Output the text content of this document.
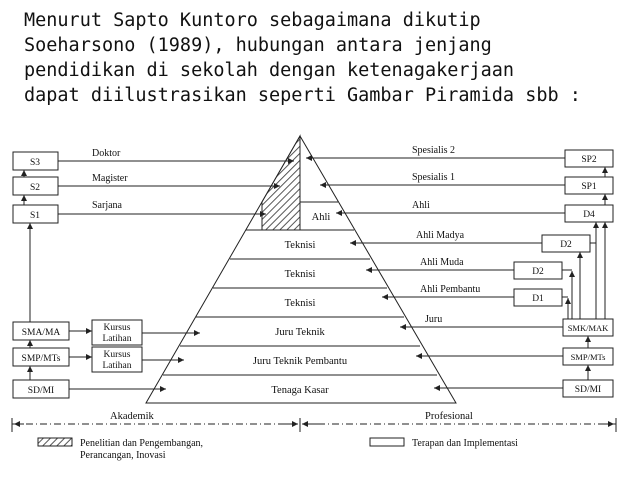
Menurut Sapto Kuntoro sebagaimana dikutip
Soeharsono (1989), hubungan antara jenjang
pendidikan di sekolah dengan ketenagakerjaan
dapat diilustrasikan seperti Gambar Piramida sbb :
Ahli
Teknisi
Teknisi
Teknisi
Juru Teknik
Juru Teknik Pembantu
Tenaga Kasar
S3
S2
S1
SMA/MA
SMP/MTs
SD/MI
Kursus
Latihan
Kursus
Latihan
Doktor
Magister
Sarjana
SP2
SP1
D4
D2
D2
D1
SMK/MAK
SMP/MTs
SD/MI
Spesialis 2
Spesialis 1
Ahli
Ahli Madya
Ahli Muda
Ahli Pembantu
Juru
Akademik	Profesional
Penelitian dan Pengembangan,
Perancangan, Inovasi
Terapan dan Implementasi
